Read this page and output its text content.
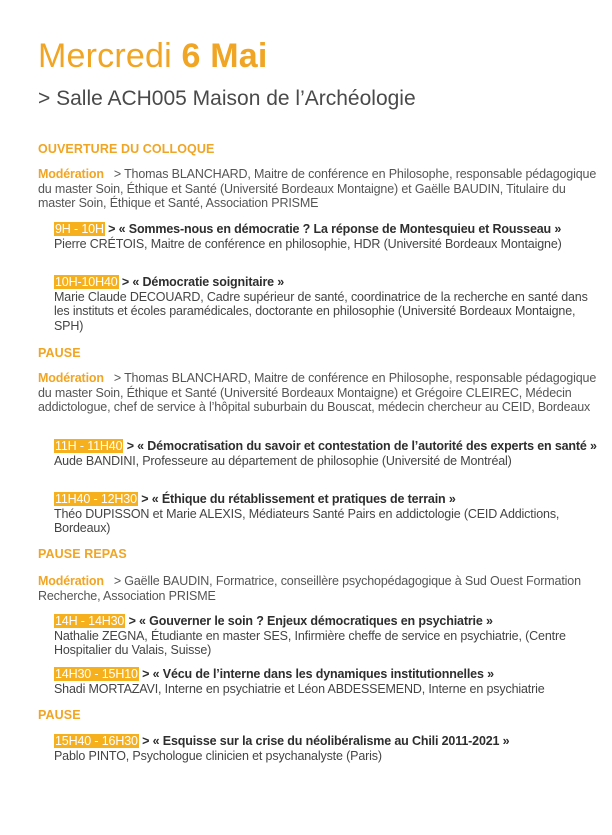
Mercredi 6 Mai
> Salle ACH005 Maison de l’Archéologie
OUVERTURE DU COLLOQUE
Modération > Thomas BLANCHARD, Maitre de conférence en Philosophe, responsable pédagogique du master Soin, Éthique et Santé (Université Bordeaux Montaigne) et Gaëlle BAUDIN, Titulaire du master Soin, Éthique et Santé, Association PRISME
9H - 10H > « Sommes-nous en démocratie ? La réponse de Montesquieu et Rousseau »
Pierre CRÉTOIS, Maitre de conférence en philosophie, HDR (Université Bordeaux Montaigne)
10H-10H40 > « Démocratie soignitaire »
Marie Claude DECOUARD, Cadre supérieur de santé, coordinatrice de la recherche en santé dans les instituts et écoles paramédicales, doctorante en philosophie (Université Bordeaux Montaigne, SPH)
PAUSE
Modération > Thomas BLANCHARD, Maitre de conférence en Philosophe, responsable pédagogique du master Soin, Éthique et Santé (Université Bordeaux Montaigne) et Grégoire CLEIREC, Médecin addictologue, chef de service à l’hôpital suburbain du Bouscat, médecin chercheur au CEID, Bordeaux
11H - 11H40 > « Démocratisation du savoir et contestation de l’autorité des experts en santé »
Aude BANDINI, Professeure au département de philosophie (Université de Montréal)
11H40 - 12H30 > « Éthique du rétablissement et pratiques de terrain »
Théo DUPISSON et Marie ALEXIS, Médiateurs Santé Pairs en addictologie (CEID Addictions, Bordeaux)
PAUSE REPAS
Modération > Gaëlle BAUDIN, Formatrice, conseillère psychopédagogique à Sud Ouest Formation Recherche, Association PRISME
14H - 14H30 > « Gouverner le soin ? Enjeux démocratiques en psychiatrie »
Nathalie ZEGNA, Étudiante en master SES, Infirmière cheffe de service en psychiatrie, (Centre Hospitalier du Valais, Suisse)
14H30 - 15H10 > « Vécu de l’interne dans les dynamiques institutionnelles »
Shadi MORTAZAVI, Interne en psychiatrie et Léon ABDESSEMEND, Interne en psychiatrie
PAUSE
15H40 - 16H30 > « Esquisse sur la crise du néolibéralisme au Chili 2011-2021 »
Pablo PINTO, Psychologue clinicien et psychanalyste (Paris)
